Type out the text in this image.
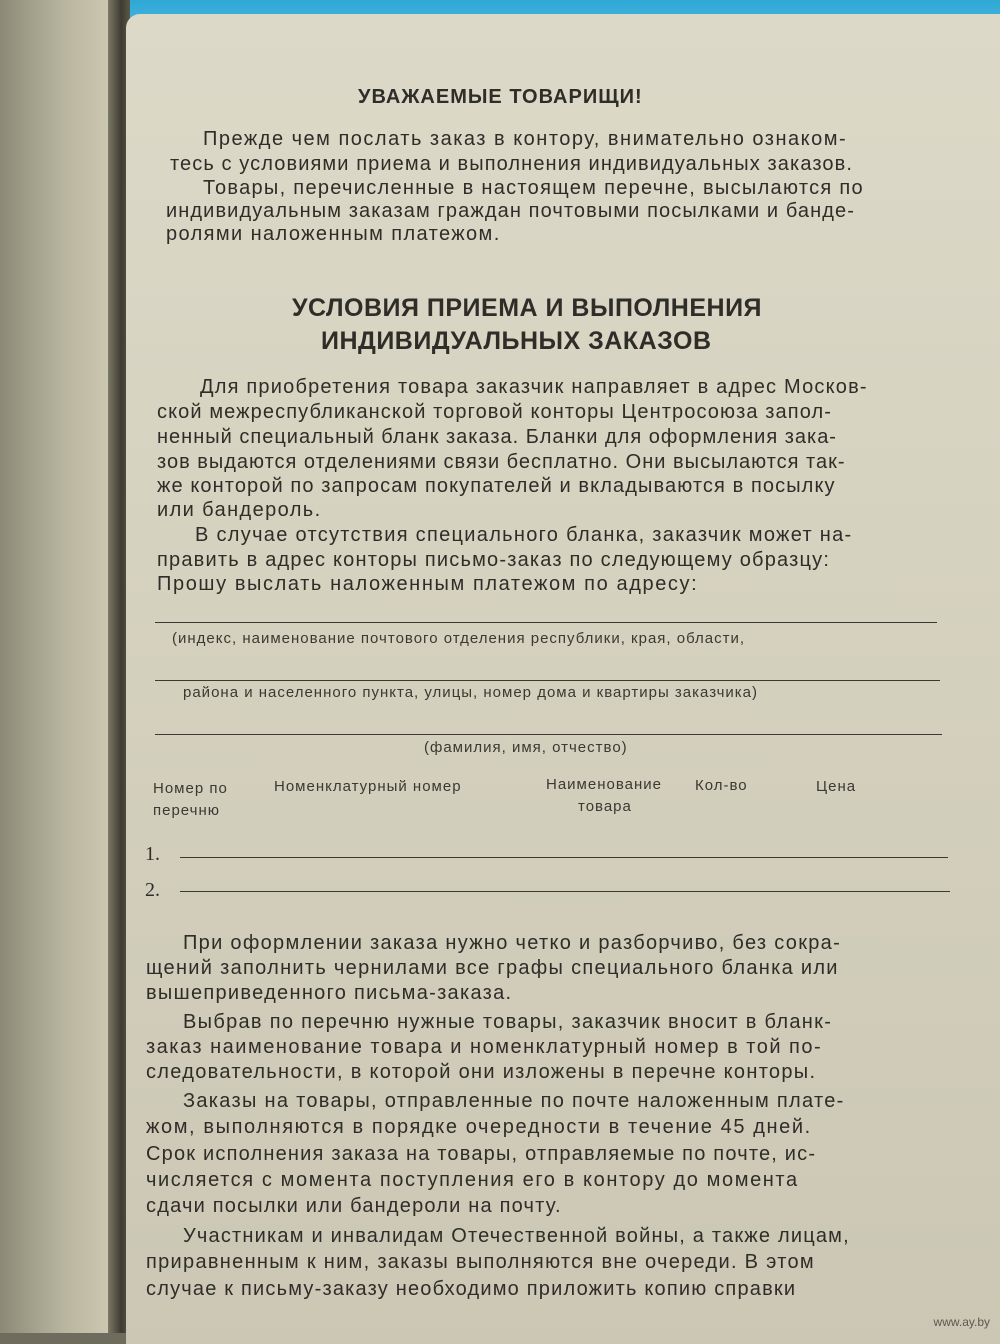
УВАЖАЕМЫЕ ТОВАРИЩИ!
Прежде чем послать заказ в контору, внимательно ознаком-
тесь с условиями приема и выполнения индивидуальных заказов.
Товары, перечисленные в настоящем перечне, высылаются по
индивидуальным заказам граждан почтовыми посылками и банде-
ролями наложенным платежом.
УСЛОВИЯ ПРИЕМА И ВЫПОЛНЕНИЯ
ИНДИВИДУАЛЬНЫХ ЗАКАЗОВ
Для приобретения товара заказчик направляет в адрес Москов-
ской межреспубликанской торговой конторы Центросоюза запол-
ненный специальный бланк заказа. Бланки для оформления зака-
зов выдаются отделениями связи бесплатно. Они высылаются так-
же конторой по запросам покупателей и вкладываются в посылку
или бандероль.
В случае отсутствия специального бланка, заказчик может на-
править в адрес конторы письмо-заказ по следующему образцу:
Прошу выслать наложенным платежом по адресу:
(индекс, наименование почтового отделения республики, края, области,
района и населенного пункта, улицы, номер дома и квартиры заказчика)
(фамилия, имя, отчество)
Номер по
перечню
Номенклатурный номер	Наименование
товара
Кол-во	Цена
1.
2.
При оформлении заказа нужно четко и разборчиво, без сокра-
щений заполнить чернилами все графы специального бланка или
вышеприведенного письма-заказа.
Выбрав по перечню нужные товары, заказчик вносит в бланк-
заказ наименование товара и номенклатурный номер в той по-
следовательности, в которой они изложены в перечне конторы.
Заказы на товары, отправленные по почте наложенным плате-
жом, выполняются в порядке очередности в течение 45 дней.
Срок исполнения заказа на товары, отправляемые по почте, ис-
числяется с момента поступления его в контору до момента
сдачи посылки или бандероли на почту.
Участникам и инвалидам Отечественной войны, а также лицам,
приравненным к ним, заказы выполняются вне очереди. В этом
случае к письму-заказу необходимо приложить копию справки
www.ay.by
